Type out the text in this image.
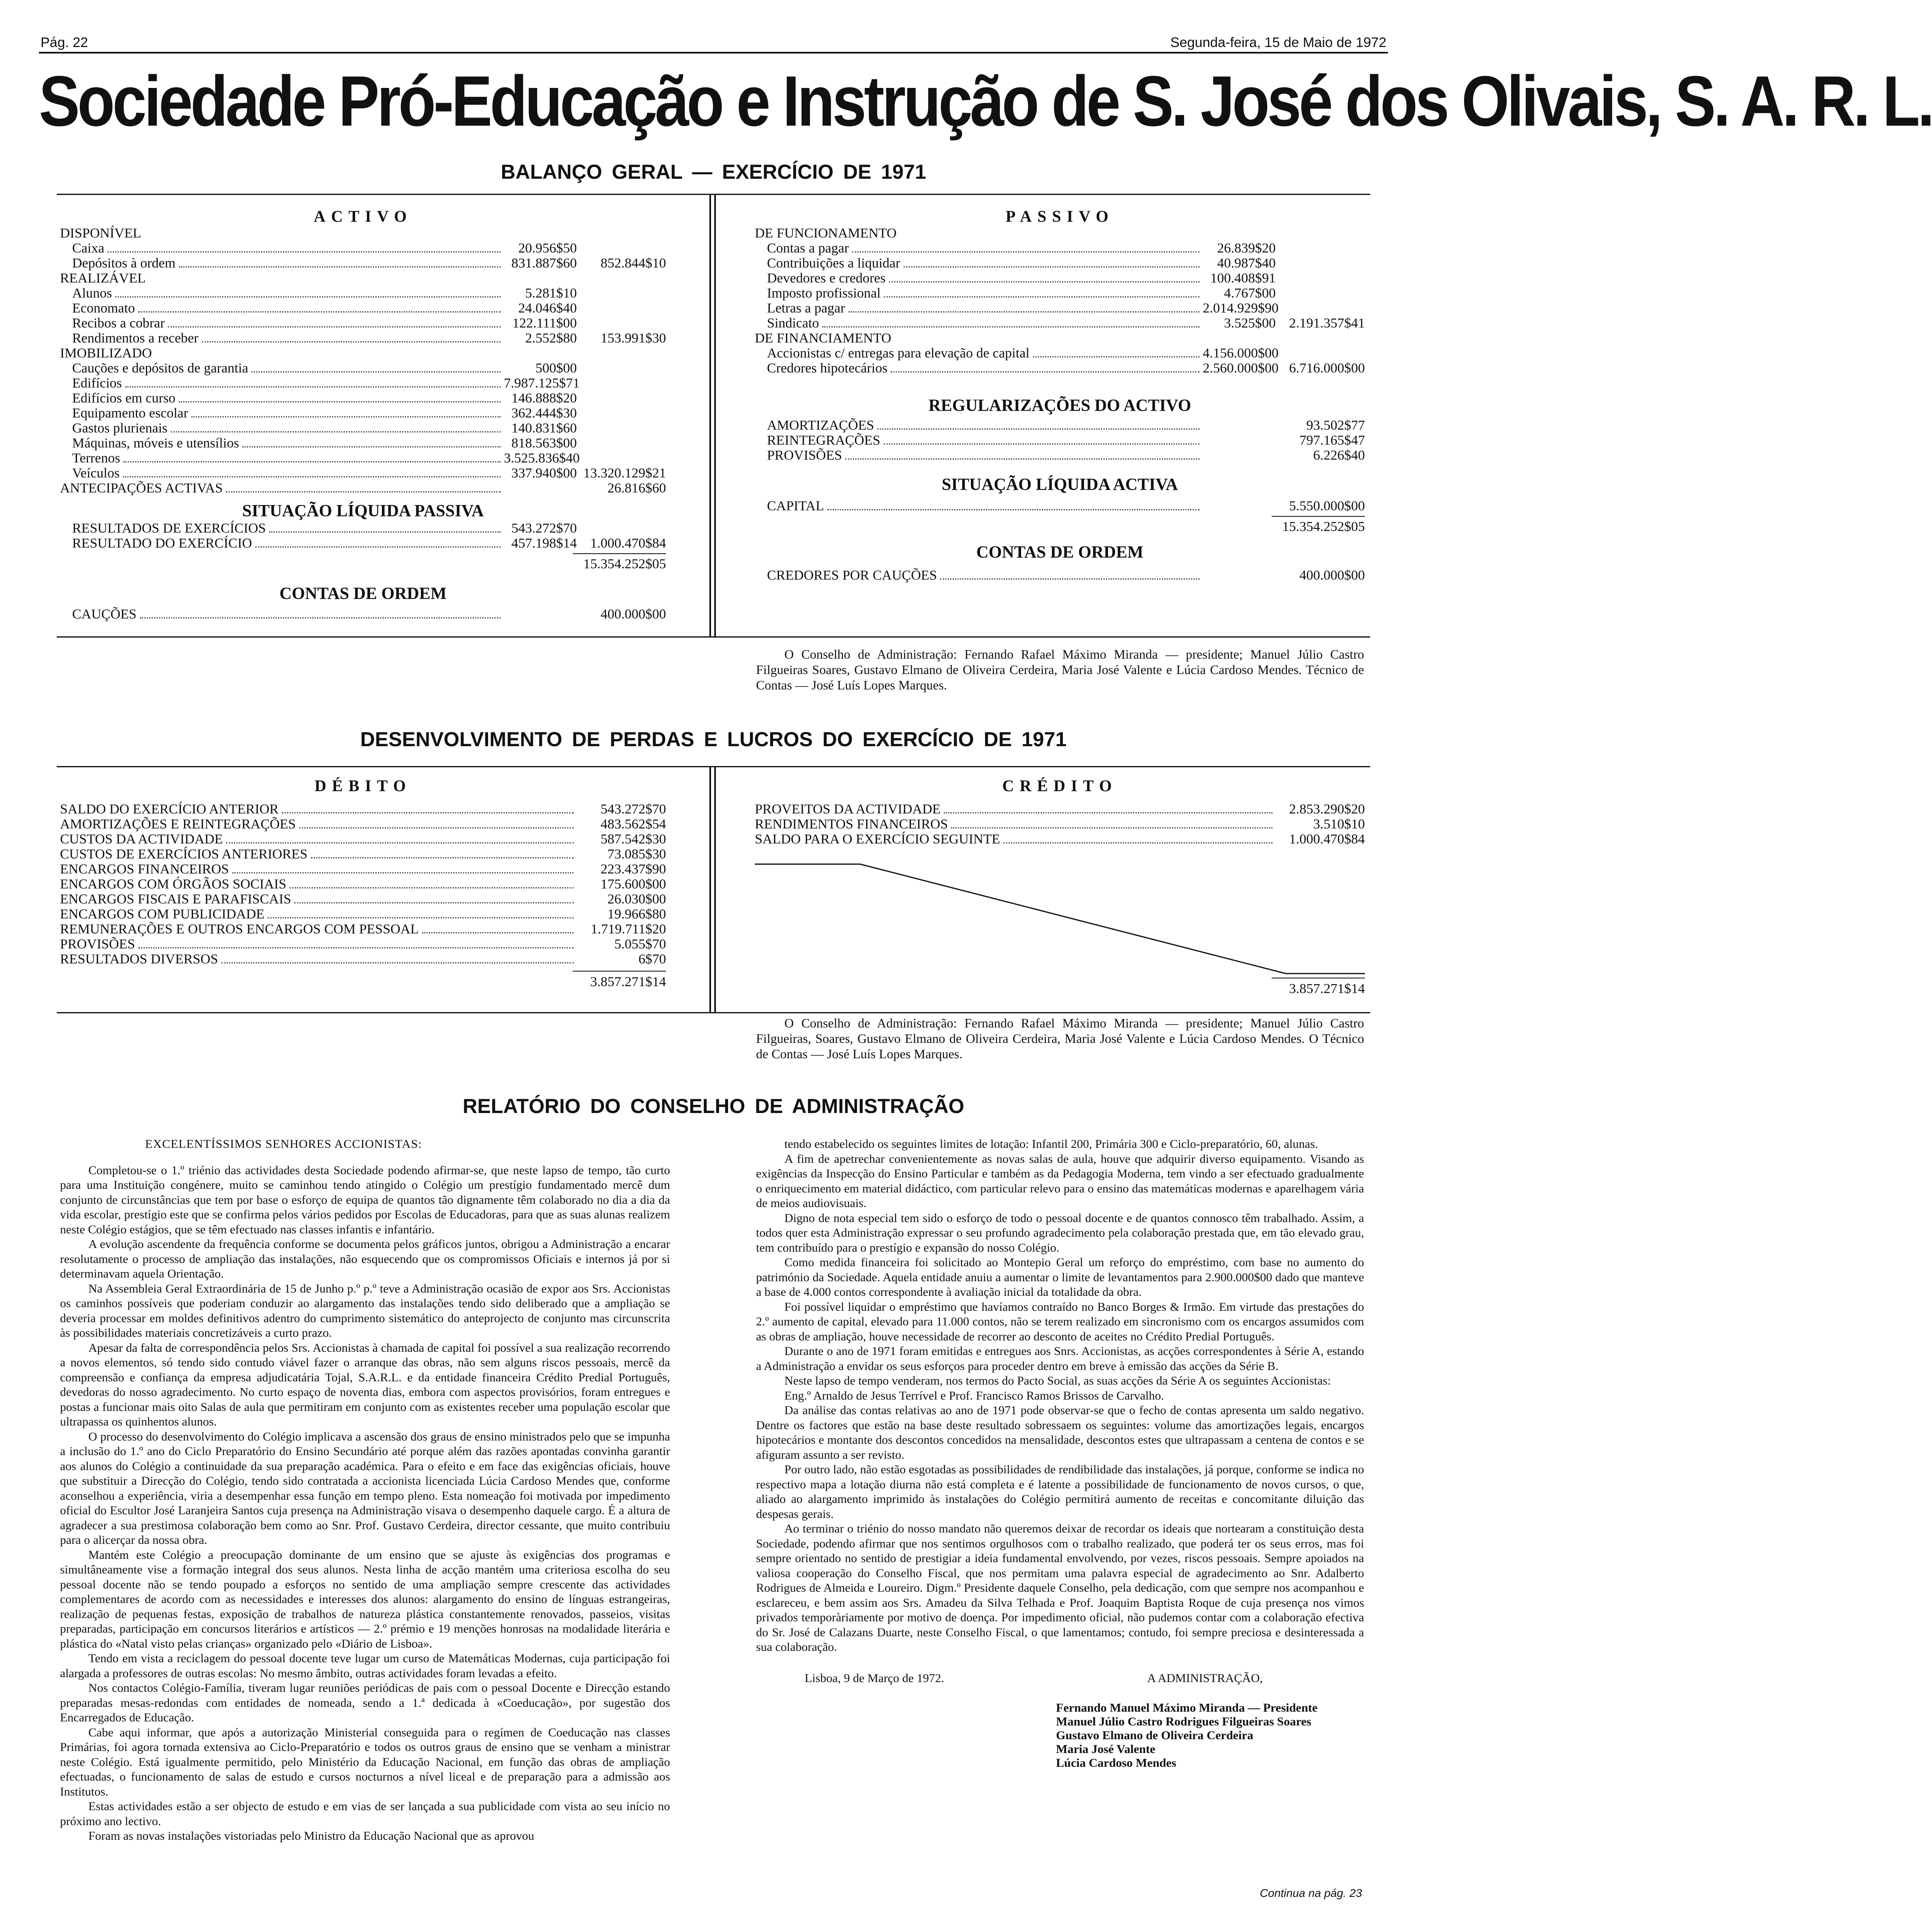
Pág. 22	Segunda-feira, 15 de Maio de 1972
Sociedade Pró-Educação e Instrução de S. José dos Olivais, S. A. R. L.
BALANÇO GERAL — EXERCÍCIO DE 1971
ACTIVO
DISPONÍVEL
Caixa	20.956$50
Depósitos à ordem	831.887$60	852.844$10
REALIZÁVEL
Alunos	5.281$10
Economato	24.046$40
Recibos a cobrar	122.111$00
Rendimentos a receber	2.552$80	153.991$30
IMOBILIZADO
Cauções e depósitos de garantia	500$00
Edifícios	7.987.125$71
Edifícios em curso	146.888$20
Equipamento escolar	362.444$30
Gastos plurienais	140.831$60
Máquinas, móveis e utensílios	818.563$00
Terrenos	3.525.836$40
Veículos	337.940$00 13.320.129$21
ANTECIPAÇÕES ACTIVAS	26.816$60
SITUAÇÃO LÍQUIDA PASSIVA
RESULTADOS DE EXERCÍCIOS	543.272$70
RESULTADO DO EXERCÍCIO	457.198$14 1.000.470$84
15.354.252$05
CONTAS DE ORDEM
CAUÇÕES	400.000$00
PASSIVO
DE FUNCIONAMENTO
Contas a pagar	26.839$20
Contribuições a liquidar	40.987$40
Devedores e credores	100.408$91
Imposto profissional	4.767$00
Letras a pagar	2.014.929$90
Sindicato	3.525$00 2.191.357$41
DE FINANCIAMENTO
Accionistas c/ entregas para elevação de capital	4.156.000$00
Credores hipotecários	2.560.000$00 6.716.000$00
REGULARIZAÇÕES DO ACTIVO
AMORTIZAÇÕES	93.502$77
REINTEGRAÇÕES	797.165$47
PROVISÕES	6.226$40
SITUAÇÃO LÍQUIDA ACTIVA
CAPITAL	5.550.000$00
15.354.252$05
CONTAS DE ORDEM
CREDORES POR CAUÇÕES	400.000$00
O Conselho de Administração: Fernando Rafael Máximo Miranda — presidente; Manuel Júlio Castro Filgueiras Soares, Gustavo Elmano de Oliveira Cerdeira, Maria José Valente e Lúcia Cardoso Mendes. Técnico de Contas — José Luís Lopes Marques.
DESENVOLVIMENTO DE PERDAS E LUCROS DO EXERCÍCIO DE 1971
DÉBITO
SALDO DO EXERCÍCIO ANTERIOR	543.272$70
AMORTIZAÇÕES E REINTEGRAÇÕES	483.562$54
CUSTOS DA ACTIVIDADE	587.542$30
CUSTOS DE EXERCÍCIOS ANTERIORES	73.085$30
ENCARGOS FINANCEIROS	223.437$90
ENCARGOS COM ÓRGÃOS SOCIAIS	175.600$00
ENCARGOS FISCAIS E PARAFISCAIS	26.030$00
ENCARGOS COM PUBLICIDADE	19.966$80
REMUNERAÇÕES E OUTROS ENCARGOS COM PESSOAL	1.719.711$20
PROVISÕES	5.055$70
RESULTADOS DIVERSOS	6$70
3.857.271$14
CRÉDITO
PROVEITOS DA ACTIVIDADE	2.853.290$20
RENDIMENTOS FINANCEIROS	3.510$10
SALDO PARA O EXERCÍCIO SEGUINTE	1.000.470$84
3.857.271$14
O Conselho de Administração: Fernando Rafael Máximo Miranda — presidente; Manuel Júlio Castro Filgueiras, Soares, Gustavo Elmano de Oliveira Cerdeira, Maria José Valente e Lúcia Cardoso Mendes. O Técnico de Contas — José Luís Lopes Marques.
RELATÓRIO DO CONSELHO DE ADMINISTRAÇÃO
EXCELENTÍSSIMOS SENHORES ACCIONISTAS:

Completou-se o 1.º triénio das actividades desta Sociedade podendo afirmar-se, que neste lapso de tempo, tão curto para uma Instituição congénere, muito se caminhou tendo atingido o Colégio um prestígio fundamentado mercê dum conjunto de circunstâncias que tem por base o esforço de equipa de quantos tão dignamente têm colaborado no dia a dia da vida escolar, prestígio este que se confirma pelos vários pedidos por Escolas de Educadoras, para que as suas alunas realizem neste Colégio estágios, que se têm efectuado nas classes infantis e infantário.

A evolução ascendente da frequência conforme se documenta pelos gráficos juntos, obrigou a Administração a encarar resolutamente o processo de ampliação das instalações, não esquecendo que os compromissos Oficiais e internos já por si determinavam aquela Orientação.

Na Assembleia Geral Extraordinária de 15 de Junho p.º p.º teve a Administração ocasião de expor aos Srs. Accionistas os caminhos possíveis que poderiam conduzir ao alargamento das instalações tendo sido deliberado que a ampliação se deveria processar em moldes definitivos adentro do cumprimento sistemático do anteprojecto de conjunto mas circunscrita às possibilidades materiais concretizáveis a curto prazo.

Apesar da falta de correspondência pelos Srs. Accionistas à chamada de capital foi possível a sua realização recorrendo a novos elementos, só tendo sido contudo viável fazer o arranque das obras, não sem alguns riscos pessoais, mercê da compreensão e confiança da empresa adjudicatária Tojal, S.A.R.L. e da entidade financeira Crédito Predial Português, devedoras do nosso agradecimento. No curto espaço de noventa dias, embora com aspectos provisórios, foram entregues e postas a funcionar mais oito Salas de aula que permitiram em conjunto com as existentes receber uma população escolar que ultrapassa os quinhentos alunos.

O processo do desenvolvimento do Colégio implicava a ascensão dos graus de ensino ministrados pelo que se impunha a inclusão do 1.º ano do Ciclo Preparatório do Ensino Secundário até porque além das razões apontadas convinha garantir aos alunos do Colégio a continuidade da sua preparação académica. Para o efeito e em face das exigências oficiais, houve que substituir a Direcção do Colégio, tendo sido contratada a accionista licenciada Lúcia Cardoso Mendes que, conforme aconselhou a experiência, viria a desempenhar essa função em tempo pleno. Esta nomeação foi motivada por impedimento oficial do Escultor José Laranjeira Santos cuja presença na Administração visava o desempenho daquele cargo. É a altura de agradecer a sua prestimosa colaboração bem como ao Snr. Prof. Gustavo Cerdeira, director cessante, que muito contribuiu para o alicerçar da nossa obra.

Mantém este Colégio a preocupação dominante de um ensino que se ajuste às exigências dos programas e simultâneamente vise a formação integral dos seus alunos. Nesta linha de acção mantém uma criteriosa escolha do seu pessoal docente não se tendo poupado a esforços no sentido de uma ampliação sempre crescente das actividades complementares de acordo com as necessidades e interesses dos alunos: alargamento do ensino de línguas estrangeiras, realização de pequenas festas, exposição de trabalhos de natureza plástica constantemente renovados, passeios, visitas preparadas, participação em concursos literários e artísticos — 2.º prémio e 19 menções honrosas na modalidade literária e plástica do «Natal visto pelas crianças» organizado pelo «Diário de Lisboa».

Tendo em vista a reciclagem do pessoal docente teve lugar um curso de Matemáticas Modernas, cuja participação foi alargada a professores de outras escolas: No mesmo âmbito, outras actividades foram levadas a efeito.

Nos contactos Colégio-Família, tiveram lugar reuniões periódicas de pais com o pessoal Docente e Direcção estando preparadas mesas-redondas com entidades de nomeada, sendo a 1.ª dedicada à «Coeducação», por sugestão dos Encarregados de Educação.

Cabe aqui informar, que após a autorização Ministerial conseguida para o regímen de Coeducação nas classes Primárias, foi agora tornada extensiva ao Ciclo-Preparatório e todos os outros graus de ensino que se venham a ministrar neste Colégio. Está igualmente permitido, pelo Ministério da Educação Nacional, em função das obras de ampliação efectuadas, o funcionamento de salas de estudo e cursos nocturnos a nível liceal e de preparação para a admissão aos Institutos.

Estas actividades estão a ser objecto de estudo e em vias de ser lançada a sua publicidade com vista ao seu início no próximo ano lectivo.

Foram as novas instalações vistoriadas pelo Ministro da Educação Nacional que as aprovou

tendo estabelecido os seguintes limites de lotação: Infantil 200, Primária 300 e Ciclo-preparatório, 60, alunas.

A fim de apetrechar convenientemente as novas salas de aula, houve que adquirir diverso equipamento. Visando as exigências da Inspecção do Ensino Particular e também as da Pedagogia Moderna, tem vindo a ser efectuado gradualmente o enriquecimento em material didáctico, com particular relevo para o ensino das matemáticas modernas e aparelhagem vária de meios audiovisuais.

Digno de nota especial tem sido o esforço de todo o pessoal docente e de quantos connosco têm trabalhado. Assim, a todos quer esta Administração expressar o seu profundo agradecimento pela colaboração prestada que, em tão elevado grau, tem contribuído para o prestígio e expansão do nosso Colégio.

Como medida financeira foi solicitado ao Montepio Geral um reforço do empréstimo, com base no aumento do património da Sociedade. Aquela entidade anuiu a aumentar o limite de levantamentos para 2.900.000$00 dado que manteve a base de 4.000 contos correspondente à avaliação inicial da totalidade da obra.

Foi possível liquidar o empréstimo que havíamos contraído no Banco Borges & Irmão. Em virtude das prestações do 2.º aumento de capital, elevado para 11.000 contos, não se terem realizado em sincronismo com os encargos assumidos com as obras de ampliação, houve necessidade de recorrer ao desconto de aceites no Crédito Predial Português.

Durante o ano de 1971 foram emitidas e entregues aos Snrs. Accionistas, as acções correspondentes à Série A, estando a Administração a envidar os seus esforços para proceder dentro em breve à emissão das acções da Série B.

Neste lapso de tempo venderam, nos termos do Pacto Social, as suas acções da Série A os seguintes Accionistas:

Eng.º Arnaldo de Jesus Terrível e Prof. Francisco Ramos Brissos de Carvalho.

Da análise das contas relativas ao ano de 1971 pode observar-se que o fecho de contas apresenta um saldo negativo. Dentre os factores que estão na base deste resultado sobressaem os seguintes: volume das amortizações legais, encargos hipotecários e montante dos descontos concedidos na mensalidade, descontos estes que ultrapassam a centena de contos e se afiguram assunto a ser revisto.

Por outro lado, não estão esgotadas as possibilidades de rendibilidade das instalações, já porque, conforme se indica no respectivo mapa a lotação diurna não está completa e é latente a possibilidade de funcionamento de novos cursos, o que, aliado ao alargamento imprimido às instalações do Colégio permitirá aumento de receitas e concomitante diluição das despesas gerais.

Ao terminar o triénio do nosso mandato não queremos deixar de recordar os ideais que nortearam a constituição desta Sociedade, podendo afirmar que nos sentimos orgulhosos com o trabalho realizado, que poderá ter os seus erros, mas foi sempre orientado no sentido de prestigiar a ideia fundamental envolvendo, por vezes, riscos pessoais. Sempre apoiados na valiosa cooperação do Conselho Fiscal, que nos permitam uma palavra especial de agradecimento ao Snr. Adalberto Rodrigues de Almeida e Loureiro. Digm.º Presidente daquele Conselho, pela dedicação, com que sempre nos acompanhou e esclareceu, e bem assim aos Srs. Amadeu da Silva Telhada e Prof. Joaquim Baptista Roque de cuja presença nos vimos privados temporàriamente por motivo de doença. Por impedimento oficial, não pudemos contar com a colaboração efectiva do Sr. José de Calazans Duarte, neste Conselho Fiscal, o que lamentamos; contudo, foi sempre preciosa e desinteressada a sua colaboração.

Lisboa, 9 de Março de 1972.	A ADMINISTRAÇÃO,
Fernando Manuel Máximo Miranda — Presidente
Manuel Júlio Castro Rodrigues Filgueiras Soares
Gustavo Elmano de Oliveira Cerdeira
Maria José Valente
Lúcia Cardoso Mendes
Continua na pág. 23
